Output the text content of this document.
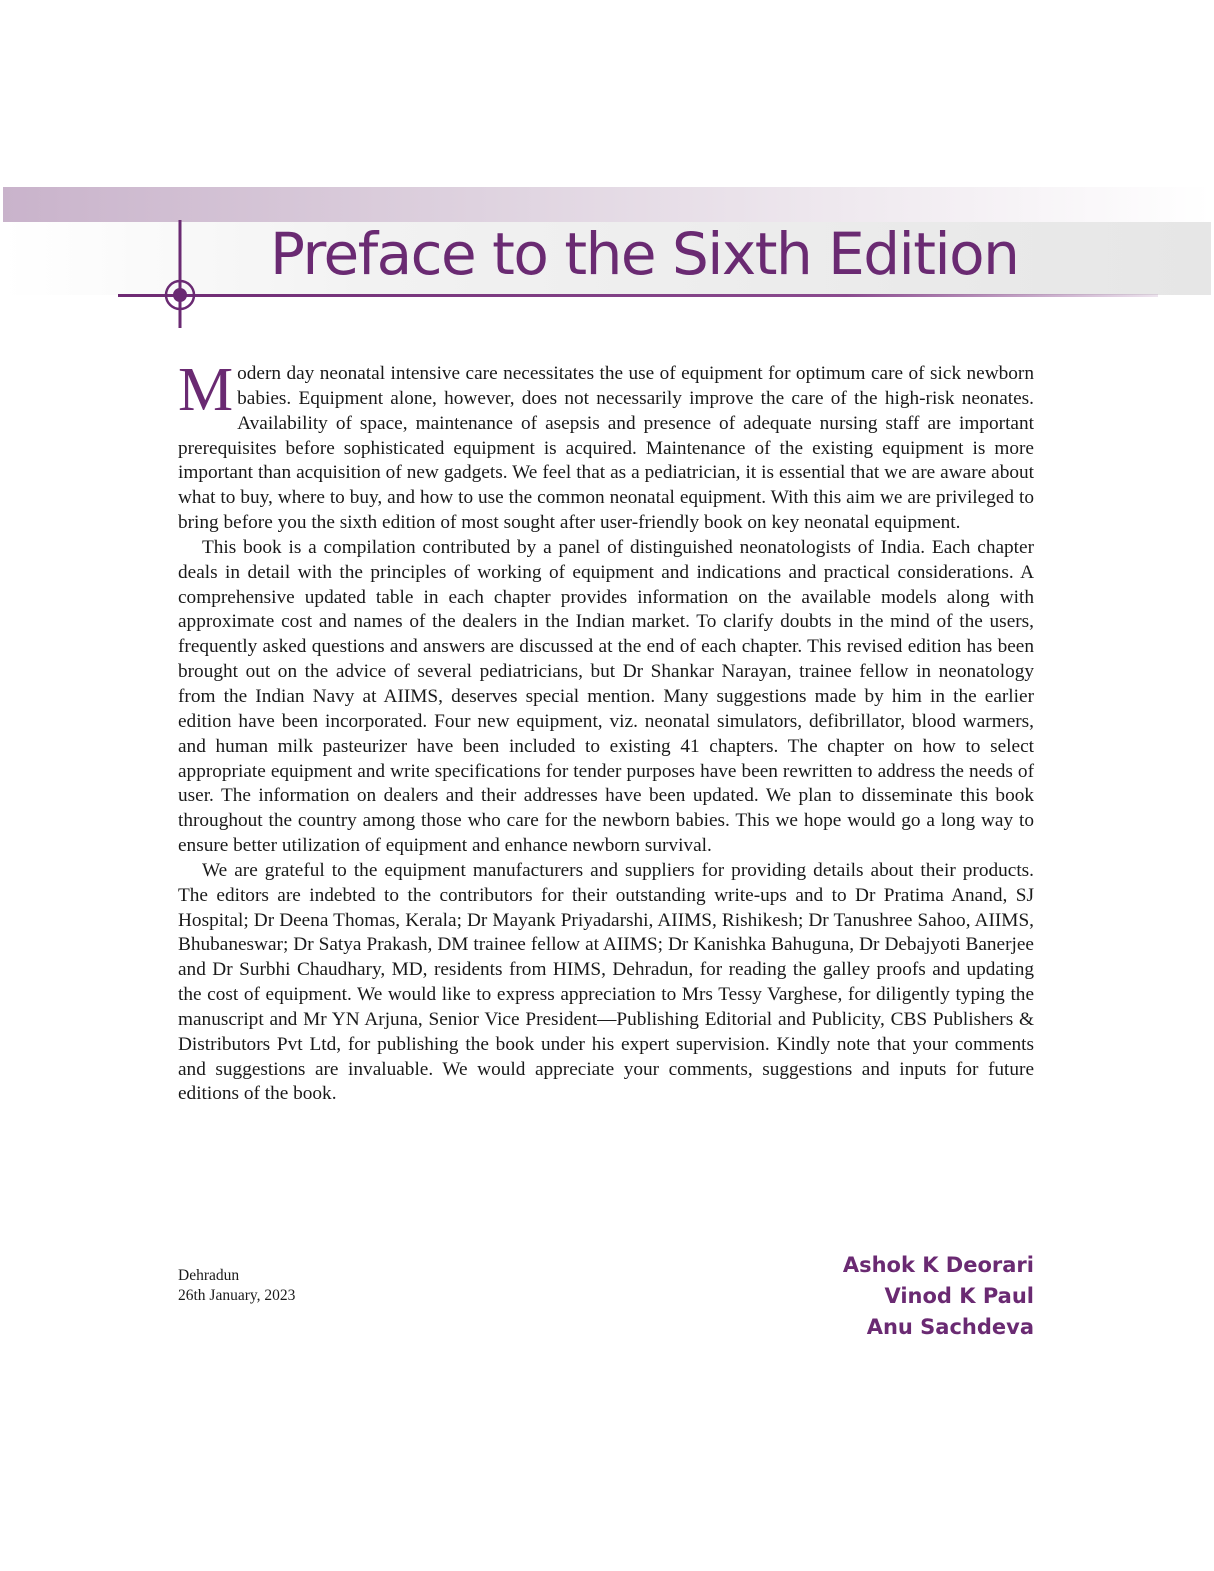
Preface to the Sixth Edition

Modern day neonatal intensive care necessitates the use of equipment for optimum care of sick newborn babies. Equipment alone, however, does not necessarily improve the care of the high-risk neonates. Availability of space, maintenance of asepsis and presence of adequate nursing staff are important prerequisites before sophisticated equipment is acquired. Maintenance of the existing equipment is more important than acquisition of new gadgets. We feel that as a pediatrician, it is essential that we are aware about what to buy, where to buy, and how to use the common neonatal equipment. With this aim we are privileged to bring before you the sixth edition of most sought after user-friendly book on key neonatal equipment.

This book is a compilation contributed by a panel of distinguished neonatologists of India. Each chapter deals in detail with the principles of working of equipment and indications and practical considerations. A comprehensive updated table in each chapter provides information on the available models along with approximate cost and names of the dealers in the Indian market. To clarify doubts in the mind of the users, frequently asked questions and answers are discussed at the end of each chapter. This revised edition has been brought out on the advice of several pediatricians, but Dr Shankar Narayan, trainee fellow in neonatology from the Indian Navy at AIIMS, deserves special mention. Many suggestions made by him in the earlier edition have been incorporated. Four new equipment, viz. neonatal simulators, defibrillator, blood warmers, and human milk pasteurizer have been included to existing 41 chapters. The chapter on how to select appropriate equipment and write specifications for tender purposes have been rewritten to address the needs of user. The information on dealers and their addresses have been updated. We plan to disseminate this book throughout the country among those who care for the newborn babies. This we hope would go a long way to ensure better utilization of equipment and enhance newborn survival.

We are grateful to the equipment manufacturers and suppliers for providing details about their products. The editors are indebted to the contributors for their outstanding write-ups and to Dr Pratima Anand, SJ Hospital; Dr Deena Thomas, Kerala; Dr Mayank Priyadarshi, AIIMS, Rishikesh; Dr Tanushree Sahoo, AIIMS, Bhubaneswar; Dr Satya Prakash, DM trainee fellow at AIIMS; Dr Kanishka Bahuguna, Dr Debajyoti Banerjee and Dr Surbhi Chaudhary, MD, residents from HIMS, Dehradun, for reading the galley proofs and updating the cost of equipment. We would like to express appreciation to Mrs Tessy Varghese, for diligently typing the manuscript and Mr YN Arjuna, Senior Vice President—Publishing Editorial and Publicity, CBS Publishers & Distributors Pvt Ltd, for publishing the book under his expert supervision. Kindly note that your comments and suggestions are invaluable. We would appreciate your comments, suggestions and inputs for future editions of the book.

Dehradun
26th January, 2023
Ashok K Deorari
Vinod K Paul
Anu Sachdeva
